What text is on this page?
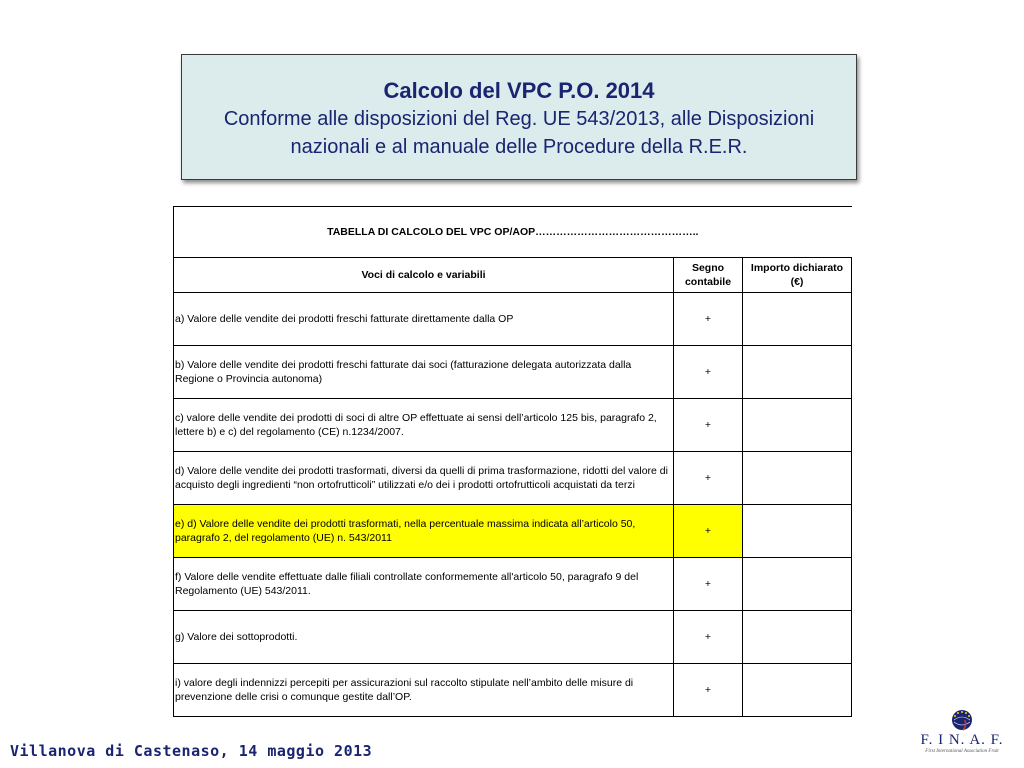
Calcolo del VPC P.O. 2014
Conforme alle disposizioni del Reg. UE 543/2013, alle Disposizioni nazionali e al manuale delle Procedure della R.E.R.
TABELLA DI CALCOLO DEL VPC OP/AOP………………………………………..		
Voci di calcolo e variabili	Segno contabile	Importo dichiarato (€)
a) Valore delle vendite dei prodotti freschi fatturate direttamente dalla OP	+	
b) Valore delle vendite dei prodotti freschi fatturate dai soci (fatturazione delegata autorizzata dalla Regione o Provincia autonoma)	+	
c) valore delle vendite dei prodotti di soci di altre OP effettuate ai sensi dell’articolo 125 bis, paragrafo 2, lettere b) e c) del regolamento (CE) n.1234/2007.	+	
d) Valore delle vendite dei prodotti trasformati, diversi da quelli di prima trasformazione, ridotti del valore di acquisto degli ingredienti “non ortofrutticoli” utilizzati e/o dei i prodotti ortofrutticoli acquistati da terzi	+	
e) d) Valore delle vendite dei prodotti trasformati, nella percentuale massima indicata all’articolo 50, paragrafo 2, del regolamento (UE) n. 543/2011	+	
f) Valore delle vendite effettuate dalle filiali controllate conformemente all'articolo 50, paragrafo 9 del Regolamento (UE) 543/2011.	+	
g) Valore dei sottoprodotti.	+	
i) valore degli indennizzi percepiti per assicurazioni sul raccolto stipulate nell’ambito delle misure di prevenzione delle crisi o comunque gestite dall’OP.	+	
Villanova di Castenaso, 14 maggio 2013
F. I N. A. F.
First International Association Fruit
